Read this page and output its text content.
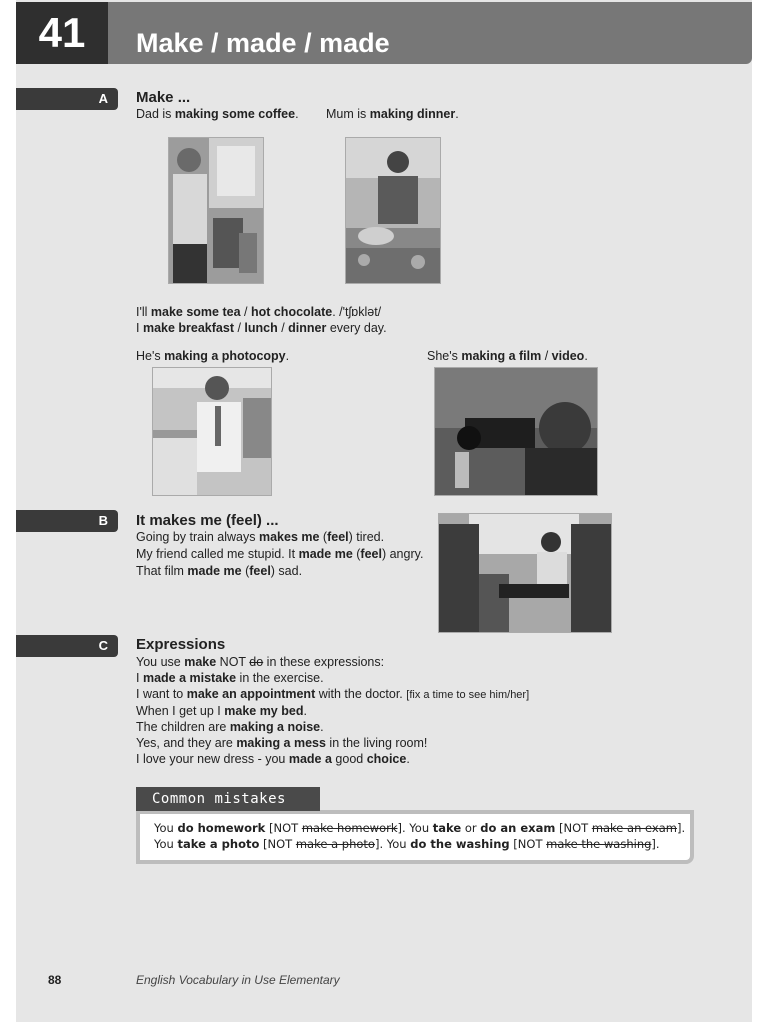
41	Make / made / made
A Make ...
Dad is making some coffee. Mum is making dinner.
I'll make some tea / hot chocolate. /'tʃɒklət/
I make breakfast / lunch / dinner every day.
He's making a photocopy.	She's making a film / video.
B It makes me (feel) ...
Going by train always makes me (feel) tired.
My friend called me stupid. It made me (feel) angry.
That film made me (feel) sad.
C Expressions
You use make NOT do in these expressions:
I made a mistake in the exercise.
I want to make an appointment with the doctor. [fix a time to see him/her]
When I get up I make my bed.
The children are making a noise.
Yes, and they are making a mess in the living room!
I love your new dress - you made a good choice.
You do homework [NOT make homework]. You take or do an exam [NOT make an exam].
You take a photo [NOT make a photo]. You do the washing [NOT make the washing].
Common mistakes
88	English Vocabulary in Use Elementary
